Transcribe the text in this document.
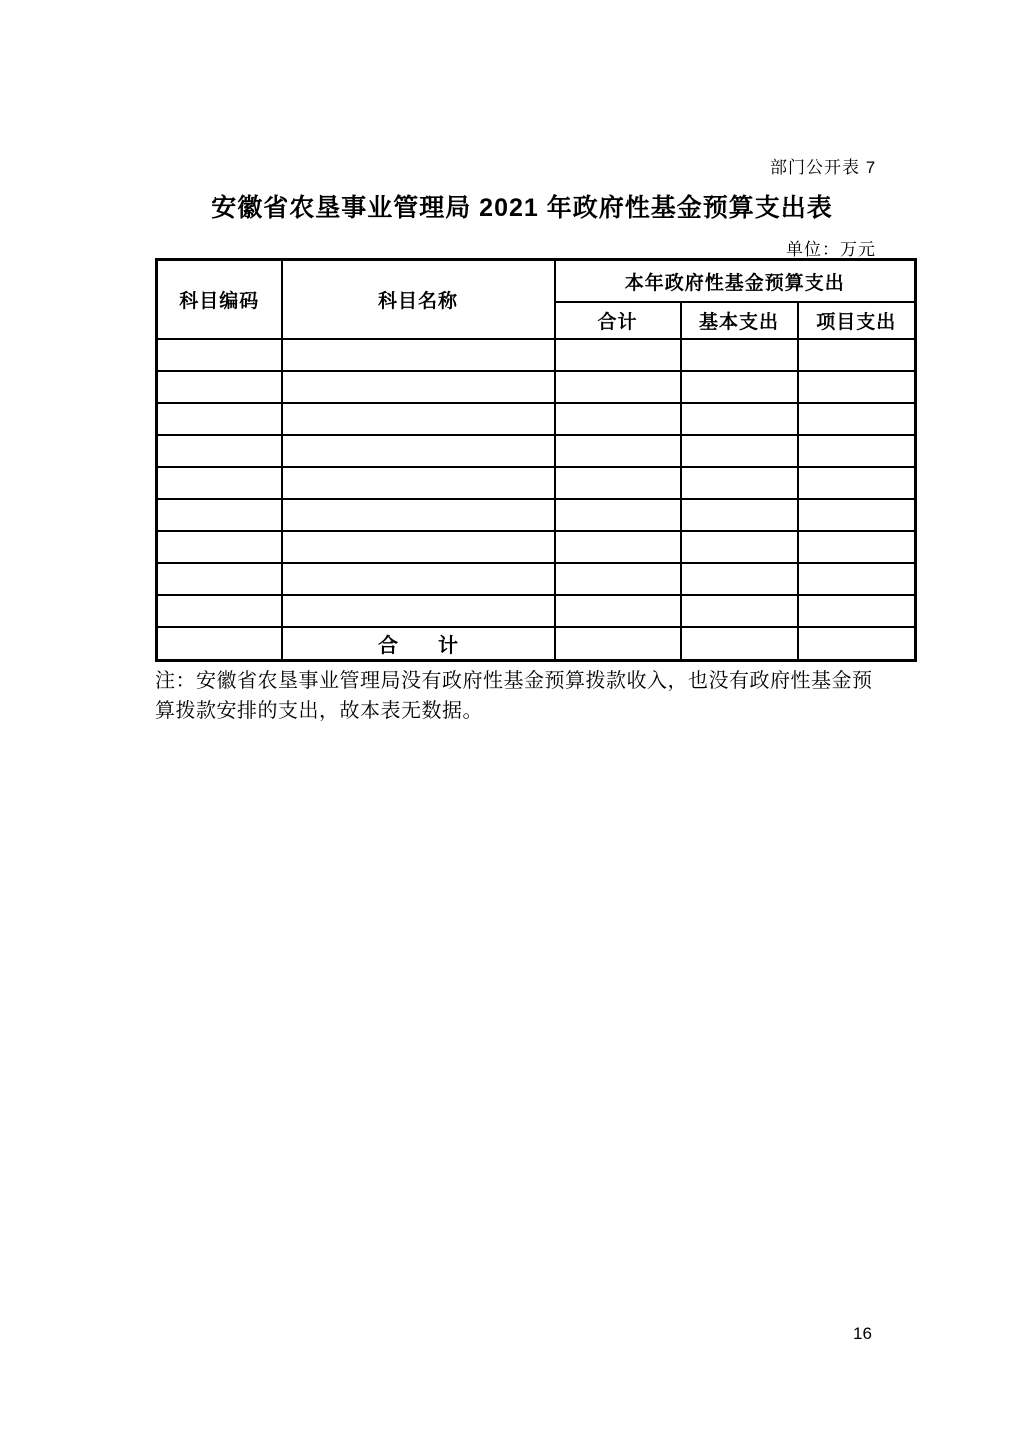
部门公开表 7
安徽省农垦事业管理局 2021 年政府性基金预算支出表
单位：万元
科目编码	科目名称	本年政府性基金预算支出		
		合计	基本支出	项目支出

	合　　计			

注：安徽省农垦事业管理局没有政府性基金预算拨款收入，也没有政府性基金预
算拨款安排的支出，故本表无数据。

16
